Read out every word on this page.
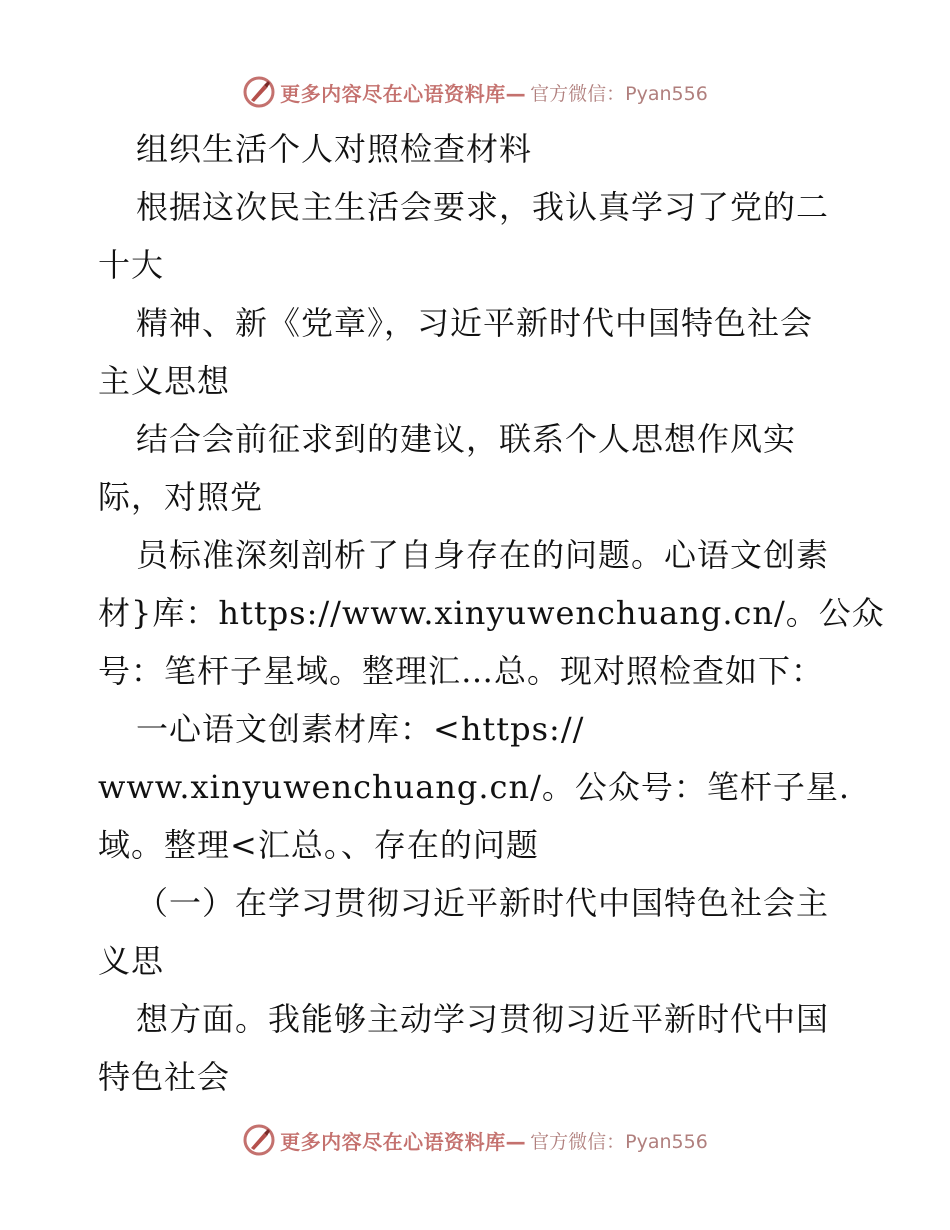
更多内容尽在心语资料库— 官方微信：Pyan556
组织生活个人对照检查材料
根据这次民主生活会要求，我认真学习了党的二
十大
精神、新《党章》，习近平新时代中国特色社会
主义思想
结合会前征求到的建议，联系个人思想作风实
际，对照党
员标准深刻剖析了自身存在的问题。心语文创素
材}库：https://www.xinyuwenchuang.cn/。公众
号：笔杆子星域。整理汇…总。现对照检查如下：
一心语文创素材库：<https://
www.xinyuwenchuang.cn/。公众号：笔杆子星.
域。整理<汇总。、存在的问题
（一）在学习贯彻习近平新时代中国特色社会主
义思
想方面。我能够主动学习贯彻习近平新时代中国
特色社会
更多内容尽在心语资料库— 官方微信：Pyan556
